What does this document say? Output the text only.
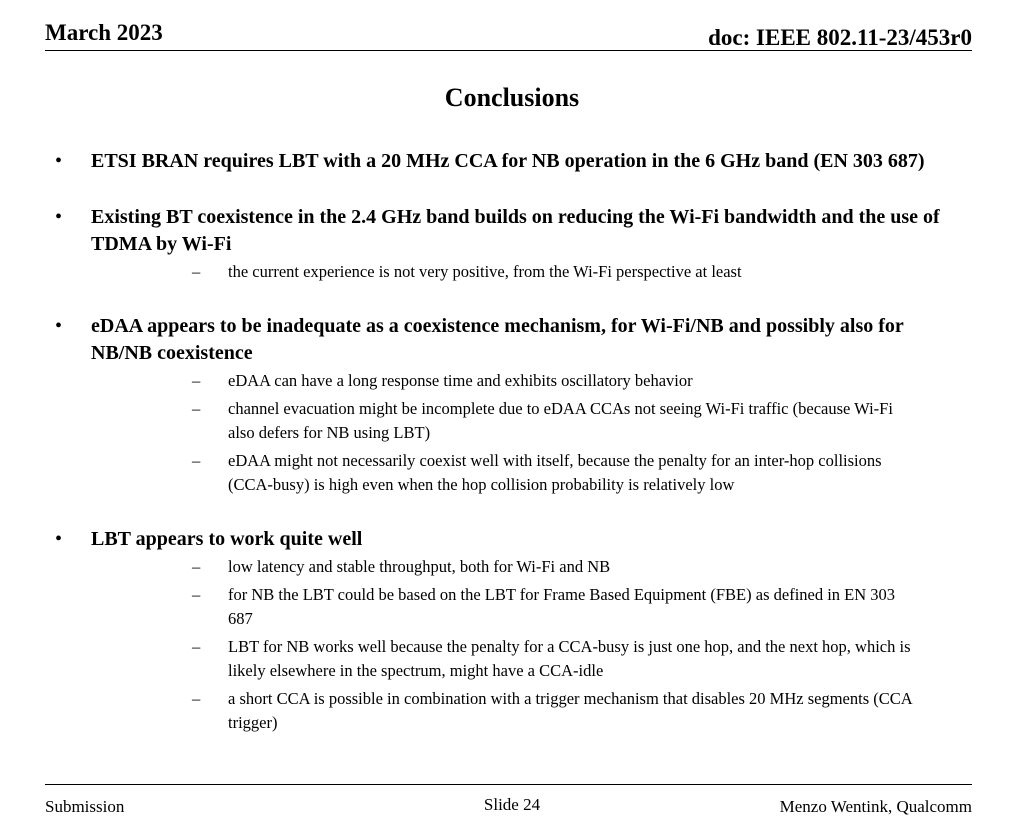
March 2023	doc: IEEE 802.11-23/453r0
Conclusions
• ETSI BRAN requires LBT with a 20 MHz CCA for NB operation in the 6 GHz band (EN 303 687)
• Existing BT coexistence in the 2.4 GHz band builds on reducing the Wi-Fi bandwidth and the use of TDMA by Wi-Fi
– the current experience is not very positive, from the Wi-Fi perspective at least
• eDAA appears to be inadequate as a coexistence mechanism, for Wi-Fi/NB and possibly also for NB/NB coexistence
– eDAA can have a long response time and exhibits oscillatory behavior
– channel evacuation might be incomplete due to eDAA CCAs not seeing Wi-Fi traffic (because Wi-Fi also defers for NB using LBT)
– eDAA might not necessarily coexist well with itself, because the penalty for an inter-hop collisions (CCA-busy) is high even when the hop collision probability is relatively low
• LBT appears to work quite well
– low latency and stable throughput, both for Wi-Fi and NB
– for NB the LBT could be based on the LBT for Frame Based Equipment (FBE) as defined in EN 303 687
– LBT for NB works well because the penalty for a CCA-busy is just one hop, and the next hop, which is likely elsewhere in the spectrum, might have a CCA-idle
– a short CCA is possible in combination with a trigger mechanism that disables 20 MHz segments (CCA trigger)
Submission	Slide 24	Menzo Wentink, Qualcomm
